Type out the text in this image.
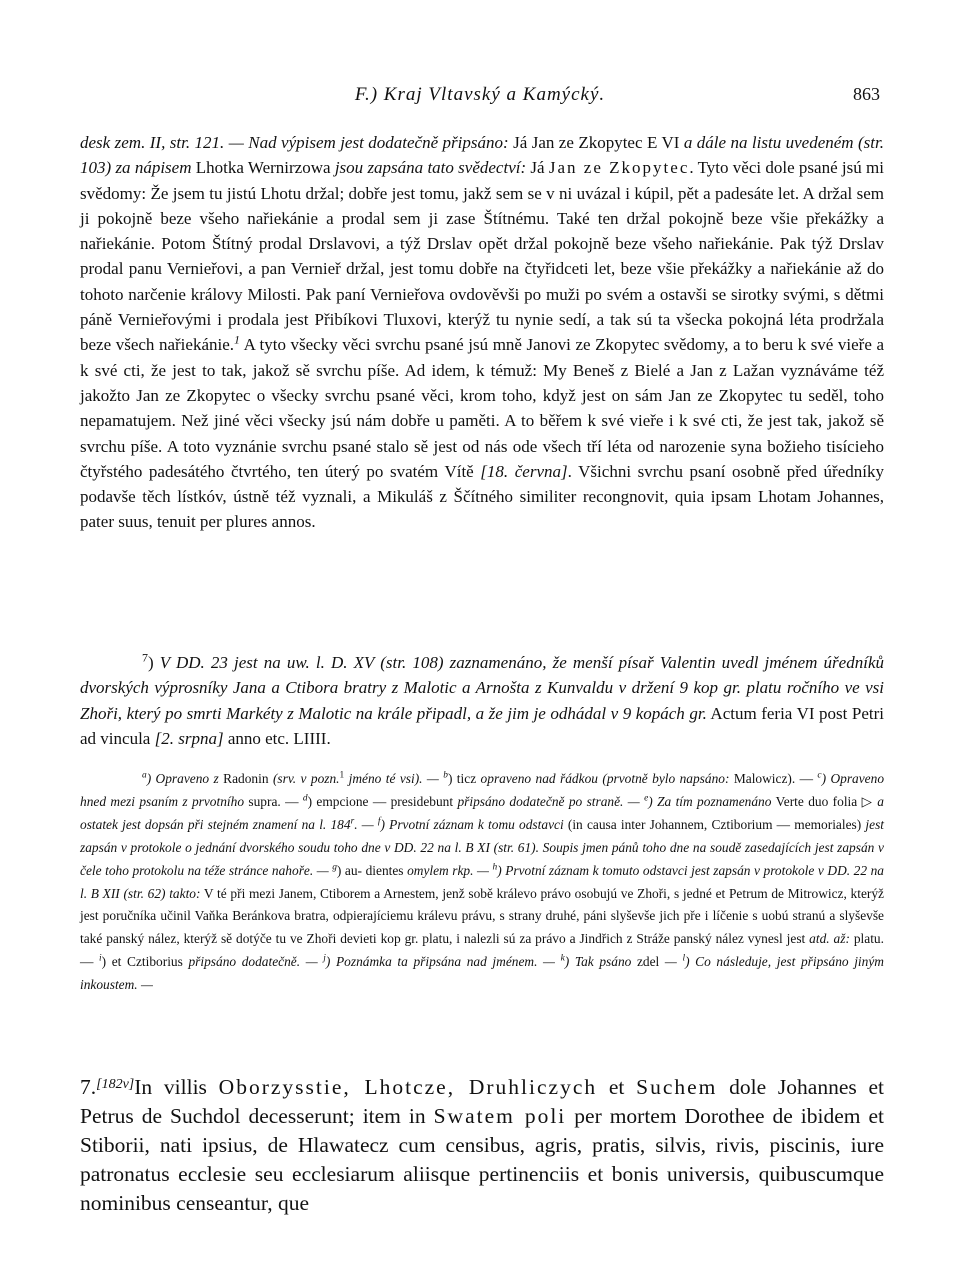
F.) Kraj Vltavský a Kamýcký.	863

desk zem. II, str. 121. — Nad výpisem jest dodatečně připsáno: Já Jan ze Zkopytec E VI a dále na listu uvedeném (str. 103) za nápisem Lhotka Wernirzowa jsou zapsána tato svědectví: Já Jan ze Zkopytec. Tyto věci dole psané jsú mi svědomy: Že jsem tu jistú Lhotu držal; dobře jest tomu, jakž sem se v ni uvázal i kúpil, pět a padesáte let. A držal sem ji pokojně beze všeho nařiekánie a prodal sem ji zase Štítnému. Také ten držal pokojně beze všie překážky a nařiekánie. Potom Štítný prodal Drslavovi, a týž Drslav opět držal pokojně beze všeho nařiekánie. Pak týž Drslav prodal panu Vernieřovi, a pan Vernieř držal, jest tomu dobře na čtyřidceti let, beze všie překážky a nařiekánie až do tohoto narčenie královy Milosti. Pak paní Vernieřova ovdověvši po muži po svém a ostavši se sirotky svými, s dětmi páně Vernieřovými i prodala jest Přibíkovi Tluxovi, kterýž tu nynie sedí, a tak sú ta všecka pokojná léta prodržala beze všech nařiekánie.$^1$ A tyto všecky věci svrchu psané jsú mně Janovi ze Zkopytec svědomy, a to beru k své vieře a k své cti, že jest to tak, jakož sě svrchu píše. Ad idem, k témuž: My Beneš z Bielé a Jan z Lažan vyznáváme též jakožto Jan ze Zkopytec o všecky svrchu psané věci, krom toho, když jest on sám Jan ze Zkopytec tu seděl, toho nepamatujem. Než jiné věci všecky jsú nám dobře u paměti. A to běřem k své vieře i k své cti, že jest tak, jakož sě svrchu píše. A toto vyznánie svrchu psané stalo sě jest od nás ode všech tří léta od narozenie syna božieho tisícieho čtyřstého padesátého čtvrtého, ten úterý po svatém Vítě [18. června]. Všichni svrchu psaní osobně před úředníky podavše těch lístkóv, ústně též vyznali, a Mikuláš z Ščítného similiter recongnovit, quia ipsam Lhotam Johannes, pater suus, tenuit per plures annos.

$^7$) V DD. 23 jest na uw. l. D. XV (str. 108) zaznamenáno, že menší písař Valentin uvedl jménem úředníků dvorských výprosníky Jana a Ctibora bratry z Malotic a Arnošta z Kunvaldu v držení 9 kop gr. platu ročního ve vsi Zhoři, který po smrti Markéty z Malotic na krále připadl, a že jim je odhádal v 9 kopách gr. Actum feria VI post Petri ad vincula [2. srpna] anno etc. LIIII.

$^a$) Opraveno z Radonin (srv. v pozn.$^1$ jméno té vsi). — $^b$) ticz opraveno nad řádkou (prvotně bylo napsáno: Malowicz). — $^c$) Opraveno hned mezi psaním z prvotního supra. — $^d$) empcione — presidebunt připsáno dodatečně po straně. — $^e$) Za tím poznamenáno Verte duo folia ▷ a ostatek jest dopsán při stejném znamení na l. 184$^r$. — $^f$) Prvotní záznam k tomu odstavci (in causa inter Johannem, Cztiborium — memoriales) jest zapsán v protokole o jednání dvorského soudu toho dne v DD. 22 na l. B XI (str. 61). Soupis jmen pánů toho dne na soudě zasedajících jest zapsán v čele toho protokolu na téže stránce nahoře. — $^g$) au- dientes omylem rkp. — $^h$) Prvotní záznam k tomuto odstavci jest zapsán v protokole v DD. 22 na l. B XII (str. 62) takto: V té při mezi Janem, Ctiborem a Arnestem, jenž sobě králevo právo osobujú ve Zhoři, s jedné et Petrum de Mitrowicz, kterýž jest poručníka učinil Vaňka Beránkova bratra, odpierajíciemu králevu právu, s strany druhé, páni slyševše jich pře i líčenie s uobú stranú a slyševše také panský nález, kterýž sě dotýče tu ve Zhoři devieti kop gr. platu, i nalezli sú za právo a Jindřich z Stráže panský nález vynesl jest atd. až: platu. — $^i$) et Cztiborius připsáno dodatečně. — $^j$) Poznámka ta připsána nad jménem. — $^k$) Tak psáno zdel — $^l$) Co následuje, jest připsáno jiným inkoustem. —

7.[182v]In villis Oborzysstie, Lhotcze, Druhliczych et Suchem dole Johannes et Petrus de Suchdol decesserunt; item in Swatem poli per mortem Dorothee de ibidem et Stiborii, nati ipsius, de Hlawatecz cum censibus, agris, pratis, silvis, rivis, piscinis, iure patronatus ecclesie seu ecclesiarum aliisque pertinenciis et bonis universis, quibuscumque nominibus censeantur, que
